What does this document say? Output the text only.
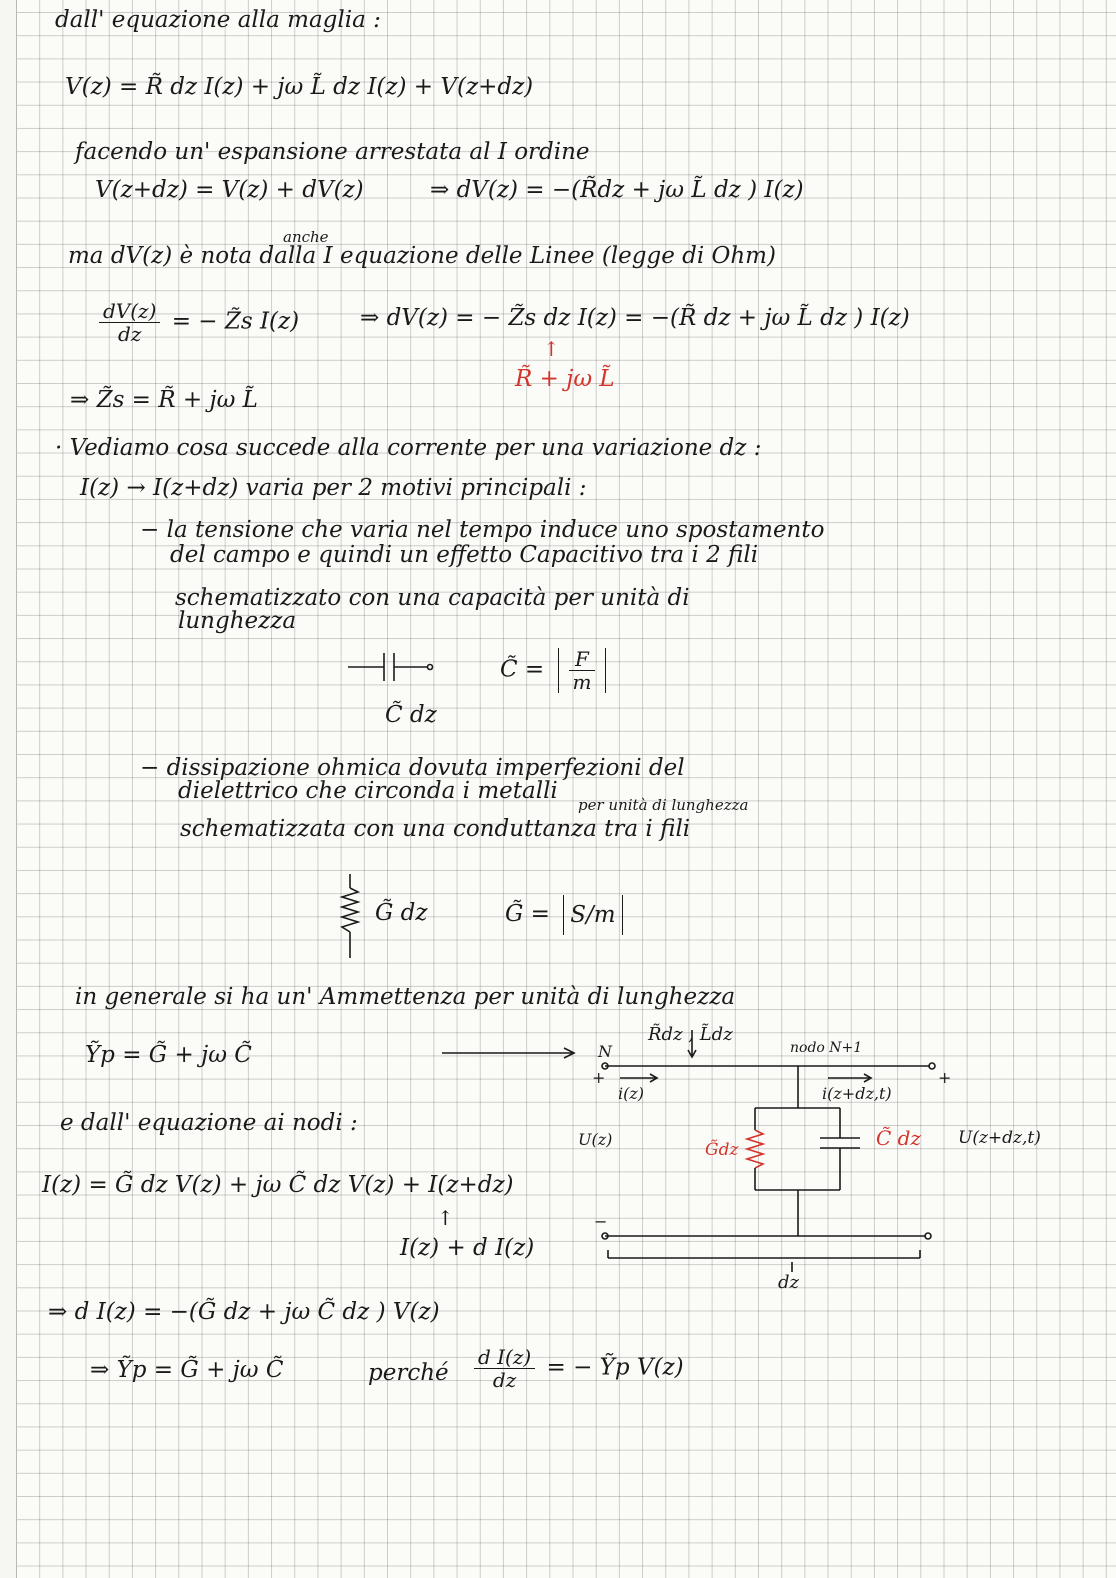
dall' equazione alla maglia :
V(z) = R̃ dz I(z) + jω L̃ dz I(z) + V(z+dz)
facendo un' espansione arrestata al I ordine
V(z+dz) = V(z) + dV(z)	⇒ dV(z) = −(R̃dz + jω L̃ dz ) I(z)
anche
ma dV(z) è nota dalla I equazione delle Linee (legge di Ohm)
$\frac{dV(z)}{dz}$ = − Z̃s I(z)	⇒ dV(z) = − Z̃s dz I(z) = −(R̃ dz + jω L̃ dz ) I(z)
↑
R̃ + jω L̃
⇒ Z̃s = R̃ + jω L̃
· Vediamo cosa succede alla corrente per una variazione dz :
I(z) → I(z+dz) varia per 2 motivi principali :
− la tensione che varia nel tempo induce uno spostamento
del campo e quindi un effetto Capacitivo tra i 2 fili
schematizzato con una capacità per unità di
lunghezza
C̃ dz
C̃ = $\frac{F}{m}$
− dissipazione ohmica dovuta imperfezioni del
dielettrico che circonda i metalli
per unità di lunghezza
schematizzata con una conduttanza tra i fili
G̃ dz	G̃ = S/m
in generale si ha un' Ammettenza per unità di lunghezza
Ỹp = G̃ + jω C̃
e dall' equazione ai nodi :
I(z) = G̃ dz V(z) + jω C̃ dz V(z) + I(z+dz)
↑
I(z) + d I(z)
⇒ d I(z) = −(G̃ dz + jω C̃ dz ) V(z)
⇒ Ỹp = G̃ + jω C̃	perché $\frac{\text{d I(z)}}{dz}$ = − Ỹp V(z)
R̃dz , L̃dz
N	nodo N+1
+	+
−
i(z)	i(z+dz,t)
U(z)	U(z+dz,t)
G̃dz	C̃ dz
dz
